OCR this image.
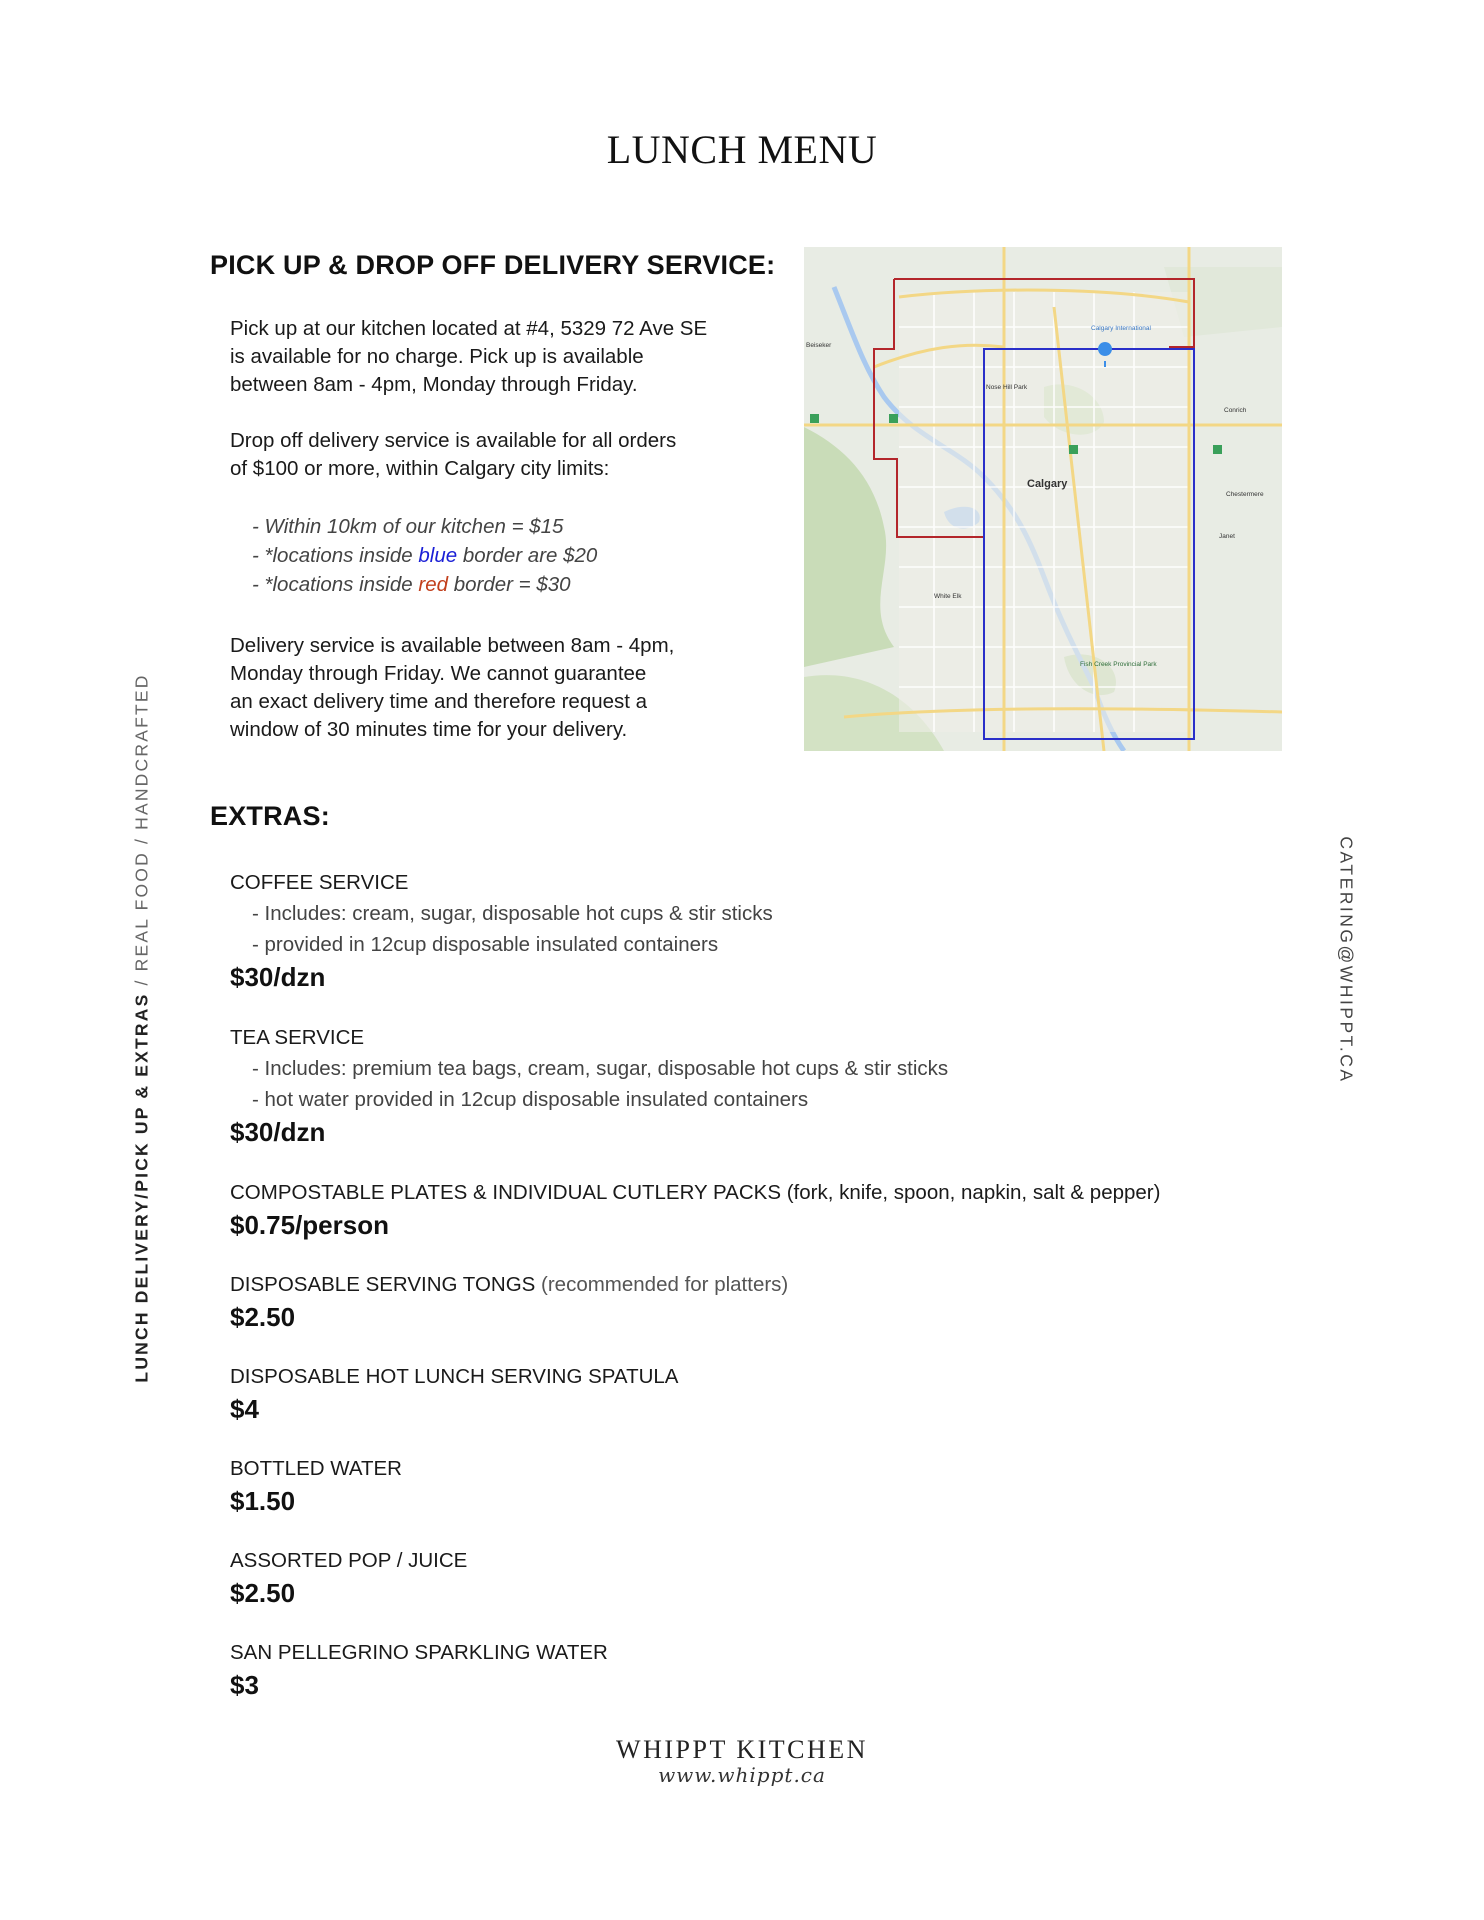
LUNCH MENU
PICK UP & DROP OFF DELIVERY SERVICE:
Pick up at our kitchen located at #4, 5329 72 Ave SE
is available for no charge. Pick up is available
between 8am - 4pm, Monday through Friday.
Drop off delivery service is available for all orders
of $100 or more, within Calgary city limits:
- Within 10km of our kitchen = $15
- *locations inside blue border are $20
- *locations inside red border = $30
Delivery service is available between 8am - 4pm,
Monday through Friday. We cannot guarantee
an exact delivery time and therefore request a
window of 30 minutes time for your delivery.
Calgary
Calgary International
Nose Hill Park
Fish Creek Provincial Park
Beiseker
Chestermere
Conrich
Janet
White Elk
EXTRAS:
COFFEE SERVICE
- Includes: cream, sugar, disposable hot cups & stir sticks
- provided in 12cup disposable insulated containers
$30/dzn
TEA SERVICE
- Includes: premium tea bags, cream, sugar, disposable hot cups & stir sticks
- hot water provided in 12cup disposable insulated containers
$30/dzn
COMPOSTABLE PLATES & INDIVIDUAL CUTLERY PACKS (fork, knife, spoon, napkin, salt & pepper)
$0.75/person
DISPOSABLE SERVING TONGS (recommended for platters)
$2.50
DISPOSABLE HOT LUNCH SERVING SPATULA
$4
BOTTLED WATER
$1.50
ASSORTED POP / JUICE
$2.50
SAN PELLEGRINO SPARKLING WATER
$3
LUNCH DELIVERY/PICK UP & EXTRAS / REAL FOOD / HANDCRAFTED
CATERING@WHIPPT.CA
WHIPPT KITCHEN
www.whippt.ca
